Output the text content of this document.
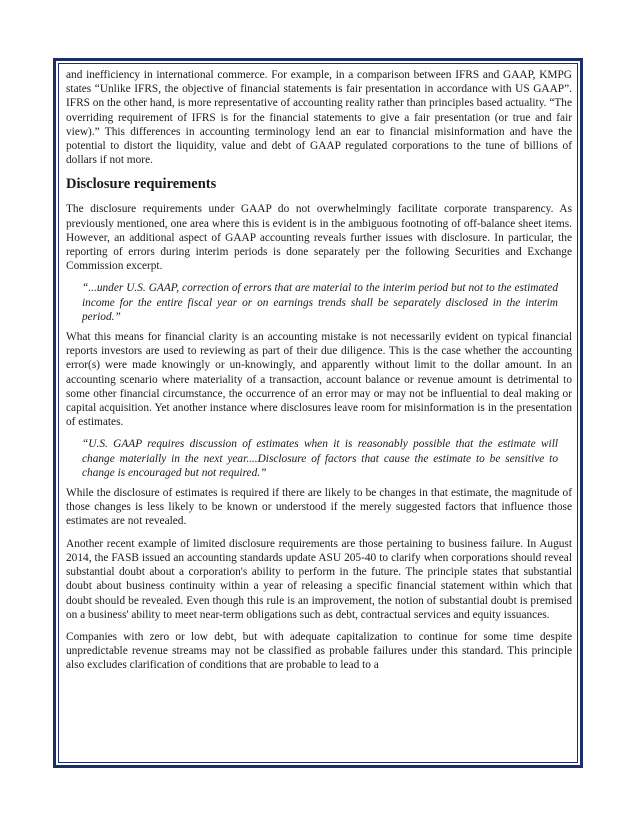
and inefficiency in international commerce. For example, in a comparison between IFRS and GAAP, KMPG states “Unlike IFRS, the objective of financial statements is fair presentation in accordance with US GAAP”. IFRS on the other hand, is more representative of accounting reality rather than principles based actuality. “The overriding requirement of IFRS is for the financial statements to give a fair presentation (or true and fair view).” This differences in accounting terminology lend an ear to financial misinformation and have the potential to distort the liquidity, value and debt of GAAP regulated corporations to the tune of billions of dollars if not more.

Disclosure requirements

The disclosure requirements under GAAP do not overwhelmingly facilitate corporate transparency. As previously mentioned, one area where this is evident is in the ambiguous footnoting of off-balance sheet items. However, an additional aspect of GAAP accounting reveals further issues with disclosure. In particular, the reporting of errors during interim periods is done separately per the following Securities and Exchange Commission excerpt.

“...under U.S. GAAP, correction of errors that are material to the interim period but not to the estimated income for the entire fiscal year or on earnings trends shall be separately disclosed in the interim period.”

What this means for financial clarity is an accounting mistake is not necessarily evident on typical financial reports investors are used to reviewing as part of their due diligence. This is the case whether the accounting error(s) were made knowingly or un-knowingly, and apparently without limit to the dollar amount. In an accounting scenario where materiality of a transaction, account balance or revenue amount is detrimental to some other financial circumstance, the occurrence of an error may or may not be influential to deal making or capital acquisition. Yet another instance where disclosures leave room for misinformation is in the presentation of estimates.

“U.S. GAAP requires discussion of estimates when it is reasonably possible that the estimate will change materially in the next year....Disclosure of factors that cause the estimate to be sensitive to change is encouraged but not required.”

While the disclosure of estimates is required if there are likely to be changes in that estimate, the magnitude of those changes is less likely to be known or understood if the merely suggested factors that influence those estimates are not revealed.

Another recent example of limited disclosure requirements are those pertaining to business failure. In August 2014, the FASB issued an accounting standards update ASU 205-40 to clarify when corporations should reveal substantial doubt about a corporation's ability to perform in the future. The principle states that substantial doubt about business continuity within a year of releasing a specific financial statement within which that doubt should be revealed. Even though this rule is an improvement, the notion of substantial doubt is premised on a business' ability to meet near-term obligations such as debt, contractual services and equity issuances.

Companies with zero or low debt, but with adequate capitalization to continue for some time despite unpredictable revenue streams may not be classified as probable failures under this standard. This principle also excludes clarification of conditions that are probable to lead to a
